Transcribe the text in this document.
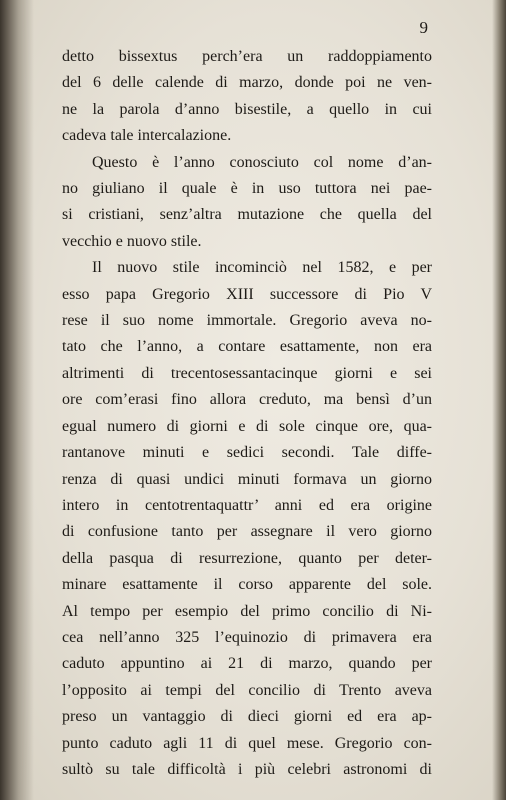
9
detto bissextus perch’era un raddoppiamento
del 6 delle calende di marzo, donde poi ne ven-
ne la parola d’anno bisestile, a quello in cui
cadeva tale intercalazione.
Questo è l’anno conosciuto col nome d’an-
no giuliano il quale è in uso tuttora nei pae-
si cristiani, senz’altra mutazione che quella del
vecchio e nuovo stile.
Il nuovo stile incominciò nel 1582, e per
esso papa Gregorio XIII successore di Pio V
rese il suo nome immortale. Gregorio aveva no-
tato che l’anno, a contare esattamente, non era
altrimenti di trecentosessantacinque giorni e sei
ore com’erasi fino allora creduto, ma bensì d’un
egual numero di giorni e di sole cinque ore, qua-
rantanove minuti e sedici secondi. Tale diffe-
renza di quasi undici minuti formava un giorno
intero in centotrentaquattr’ anni ed era origine
di confusione tanto per assegnare il vero giorno
della pasqua di resurrezione, quanto per deter-
minare esattamente il corso apparente del sole.
Al tempo per esempio del primo concilio di Ni-
cea nell’anno 325 l’equinozio di primavera era
caduto appuntino ai 21 di marzo, quando per
l’opposito ai tempi del concilio di Trento aveva
preso un vantaggio di dieci giorni ed era ap-
punto caduto agli 11 di quel mese. Gregorio con-
sultò su tale difficoltà i più celebri astronomi di
